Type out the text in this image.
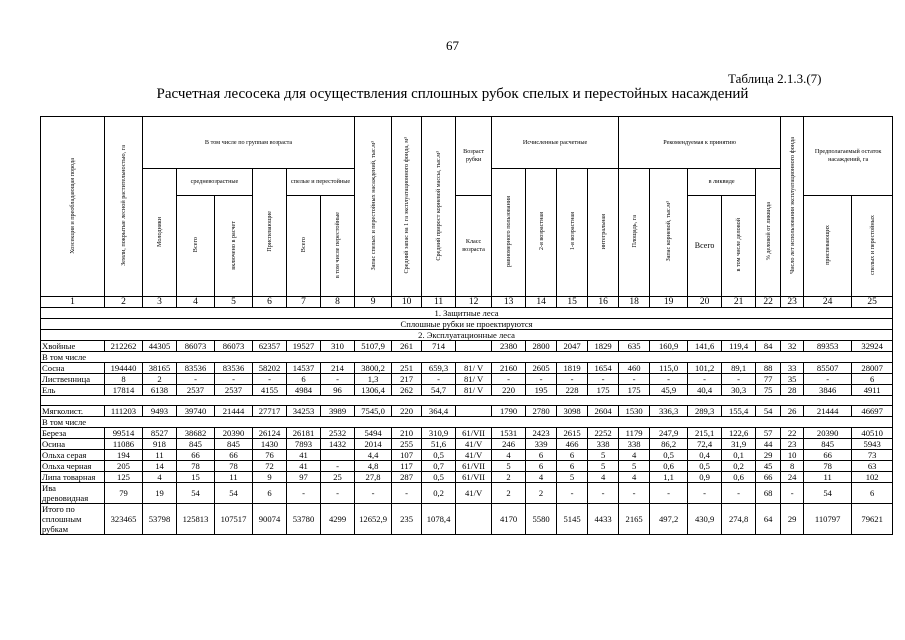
67
Таблица 2.1.3.(7)
Расчетная лесосека для осуществления сплошных рубок спелых и перестойных насаждений
Хозсекция и преобладающая порода	Земли, покрытые лесной растительностью, га	В том числе по группам возраста						Запас спелых и перестойных насаждений, тыс.м³	Средний запас на 1 га эксплуатационного фонда, м³	Средний прирост корневой массы, тыс.м³	Возраст рубки	Исчисленные расчетные				Рекомендуемая к принятию					Число лет использования эксплуатационного фонда	Предполагаемый остаток насаждений, га	
		Молодняки	средневозрастные		Приспевающие	спелые и перестойные						равномерного пользования	2-я возрастная	1-я возрастная	интегральная	Площадь, га	Запас корневой, тыс.м³	в ликвиде		% деловой от ликвида			
			Всего	включено в расчет		Всего	в том числе перестойные				Класс возраста							Всего	в том числе деловой			приспевающих	спелых и перестойных
1	2	3	4	5	6	7	8	9	10	11	12	13	14	15	16	18	19	20	21	22	23	24	25
1. Защитные леса																							
Сплошные рубки не проектируются																							
2. Эксплуатационные леса																							
Хвойные	212262	44305	86073	86073	62357	19527	310	5107,9	261	714		2380	2800	2047	1829	635	160,9	141,6	119,4	84	32	89353	32924
В том числе																							
Сосна	194440	38165	83536	83536	58202	14537	214	3800,2	251	659,3	81/ V	2160	2605	1819	1654	460	115,0	101,2	89,1	88	33	85507	28007
Лиственница	8	2	-	-	-	6	-	1,3	217	-	81/ V	-	-	-	-	-	-	-	-	77	35	-	6
Ель	17814	6138	2537	2537	4155	4984	96	1306,4	262	54,7	81/ V	220	195	228	175	175	45,9	40,4	30,3	75	28	3846	4911

Мягколист.	111203	9493	39740	21444	27717	34253	3989	7545,0	220	364,4		1790	2780	3098	2604	1530	336,3	289,3	155,4	54	26	21444	46697
В том числе																							
Береза	99514	8527	38682	20390	26124	26181	2532	5494	210	310,9	61/VII	1531	2423	2615	2252	1179	247,9	215,1	122,6	57	22	20390	40510
Осина	11086	918	845	845	1430	7893	1432	2014	255	51,6	41/V	246	339	466	338	338	86,2	72,4	31,9	44	23	845	5943
Ольха серая	194	11	66	66	76	41		4,4	107	0,5	41/V	4	6	6	5	4	0,5	0,4	0,1	29	10	66	73
Ольха черная	205	14	78	78	72	41	-	4,8	117	0,7	61/VII	5	6	6	5	5	0,6	0,5	0,2	45	8	78	63
Липа товарная	125	4	15	11	9	97	25	27,8	287	0,5	61/VII	2	4	5	4	4	1,1	0,9	0,6	66	24	11	102
Ива древовидная	79	19	54	54	6	-	-	-	-	0,2	41/V	2	2	-	-	-	-	-	-	68	-	54	6
Итого по сплошным рубкам	323465	53798	125813	107517	90074	53780	4299	12652,9	235	1078,4		4170	5580	5145	4433	2165	497,2	430,9	274,8	64	29	110797	79621
